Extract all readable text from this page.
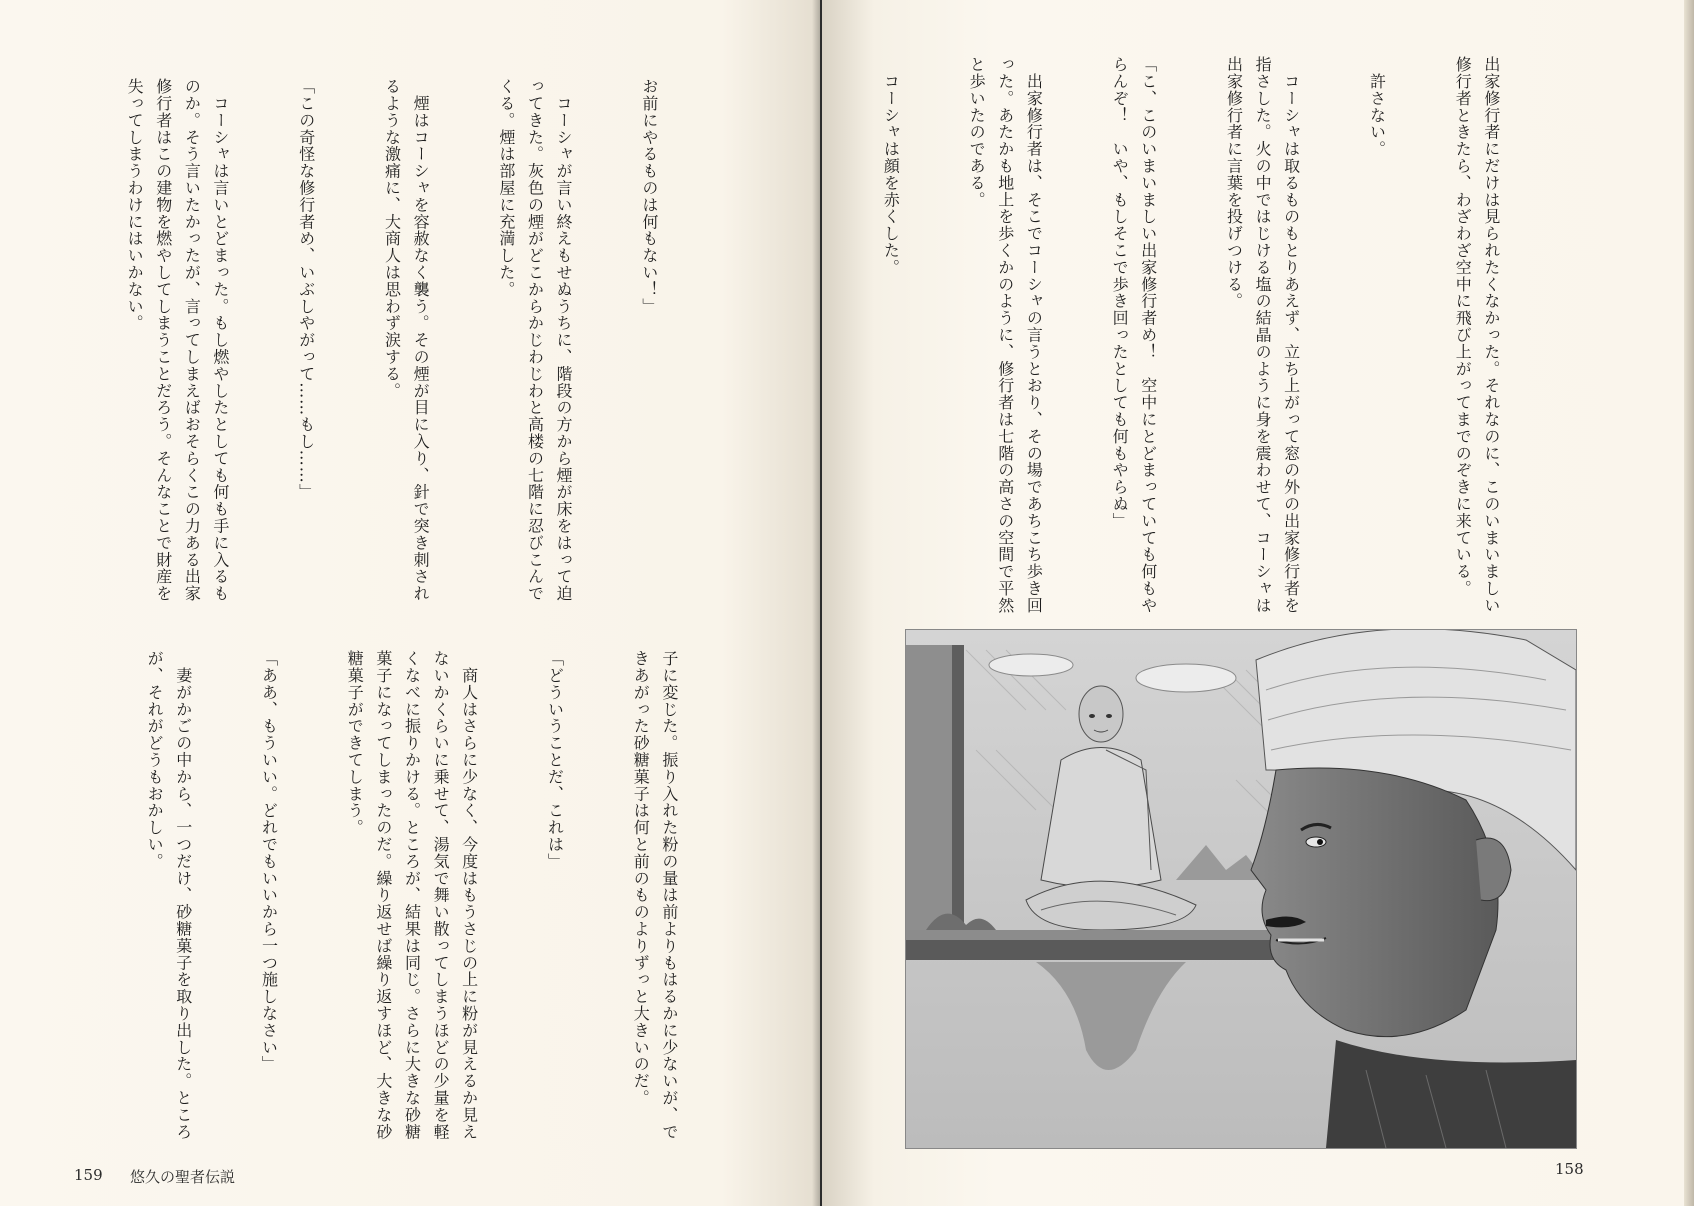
お前にやるものは何もない！」

　コーシャが言い終えもせぬうちに、階段の方から煙が床をはって迫ってきた。灰色の煙がどこからかじわじわと高楼の七階に忍びこんでくる。煙は部屋に充満した。

　煙はコーシャを容赦なく襲う。その煙が目に入り、針で突き刺されるような激痛に、大商人は思わず涙する。

「この奇怪な修行者め、いぶしやがって……もし……」

　コーシャは言いとどまった。もし燃やしたとしても何も手に入るものか。そう言いたかったが、言ってしまえばおそらくこの力ある出家修行者はこの建物を燃やしてしまうことだろう。そんなことで財産を失ってしまうわけにはいかない。

子に変じた。振り入れた粉の量は前よりもはるかに少ないが、できあがった砂糖菓子は何と前のものよりずっと大きいのだ。

「どういうことだ、これは」

　商人はさらに少なく、今度はもうさじの上に粉が見えるか見えないかくらいに乗せて、湯気で舞い散ってしまうほどの少量を軽くなべに振りかける。ところが、結果は同じ。さらに大きな砂糖菓子になってしまったのだ。繰り返せば繰り返すほど、大きな砂糖菓子ができてしまう。

「ああ、もういい。どれでもいいから一つ施しなさい」

　妻がかごの中から、一つだけ、砂糖菓子を取り出した。ところが、それがどうもおかしい。

159 悠久の聖者伝説

出家修行者にだけは見られたくなかった。それなのに、このいまいましい修行者ときたら、わざわざ空中に飛び上がってまでのぞきに来ている。

　許さない。

　コーシャは取るものもとりあえず、立ち上がって窓の外の出家修行者を指さした。火の中ではじける塩の結晶のように身を震わせて、コーシャは出家修行者に言葉を投げつける。

「こ、このいまいましい出家修行者め！　空中にとどまっていても何もやらんぞ！　いや、もしそこで歩き回ったとしても何もやらぬ」

　出家修行者は、そこでコーシャの言うとおり、その場であちこち歩き回った。あたかも地上を歩くかのように、修行者は七階の高さの空間で平然と歩いたのである。

　コーシャは顔を赤くした。

158
